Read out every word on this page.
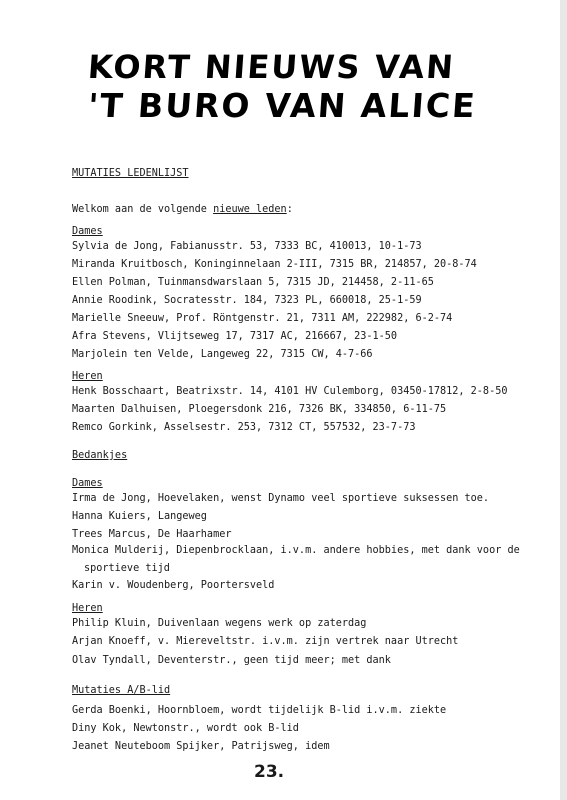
KORT NIEUWS VAN
'T BURO VAN ALICE
MUTATIES LEDENLIJST
Welkom aan de volgende nieuwe leden:
Dames
Sylvia de Jong, Fabianusstr. 53, 7333 BC, 410013, 10-1-73
Miranda Kruitbosch, Koninginnelaan 2-III, 7315 BR, 214857, 20-8-74
Ellen Polman, Tuinmansdwarslaan 5, 7315 JD, 214458, 2-11-65
Annie Roodink, Socratesstr. 184, 7323 PL, 660018, 25-1-59
Marielle Sneeuw, Prof. Röntgenstr. 21, 7311 AM, 222982, 6-2-74
Afra Stevens, Vlijtseweg 17, 7317 AC, 216667, 23-1-50
Marjolein ten Velde, Langeweg 22, 7315 CW, 4-7-66
Heren
Henk Bosschaart, Beatrixstr. 14, 4101 HV Culemborg, 03450-17812, 2-8-50
Maarten Dalhuisen, Ploegersdonk 216, 7326 BK, 334850, 6-11-75
Remco Gorkink, Asselsestr. 253, 7312 CT, 557532, 23-7-73
Bedankjes
Dames
Irma de Jong, Hoevelaken, wenst Dynamo veel sportieve suksessen toe.
Hanna Kuiers, Langeweg
Trees Marcus, De Haarhamer
Monica Mulderij, Diepenbrocklaan, i.v.m. andere hobbies, met dank voor de
sportieve tijd
Karin v. Woudenberg, Poortersveld
Heren
Philip Kluin, Duivenlaan wegens werk op zaterdag
Arjan Knoeff, v. Miereveltstr. i.v.m. zijn vertrek naar Utrecht
Olav Tyndall, Deventerstr., geen tijd meer; met dank
Mutaties A/B-lid
Gerda Boenki, Hoornbloem, wordt tijdelijk B-lid i.v.m. ziekte
Diny Kok, Newtonstr., wordt ook B-lid
Jeanet Neuteboom Spijker, Patrijsweg, idem
23.
